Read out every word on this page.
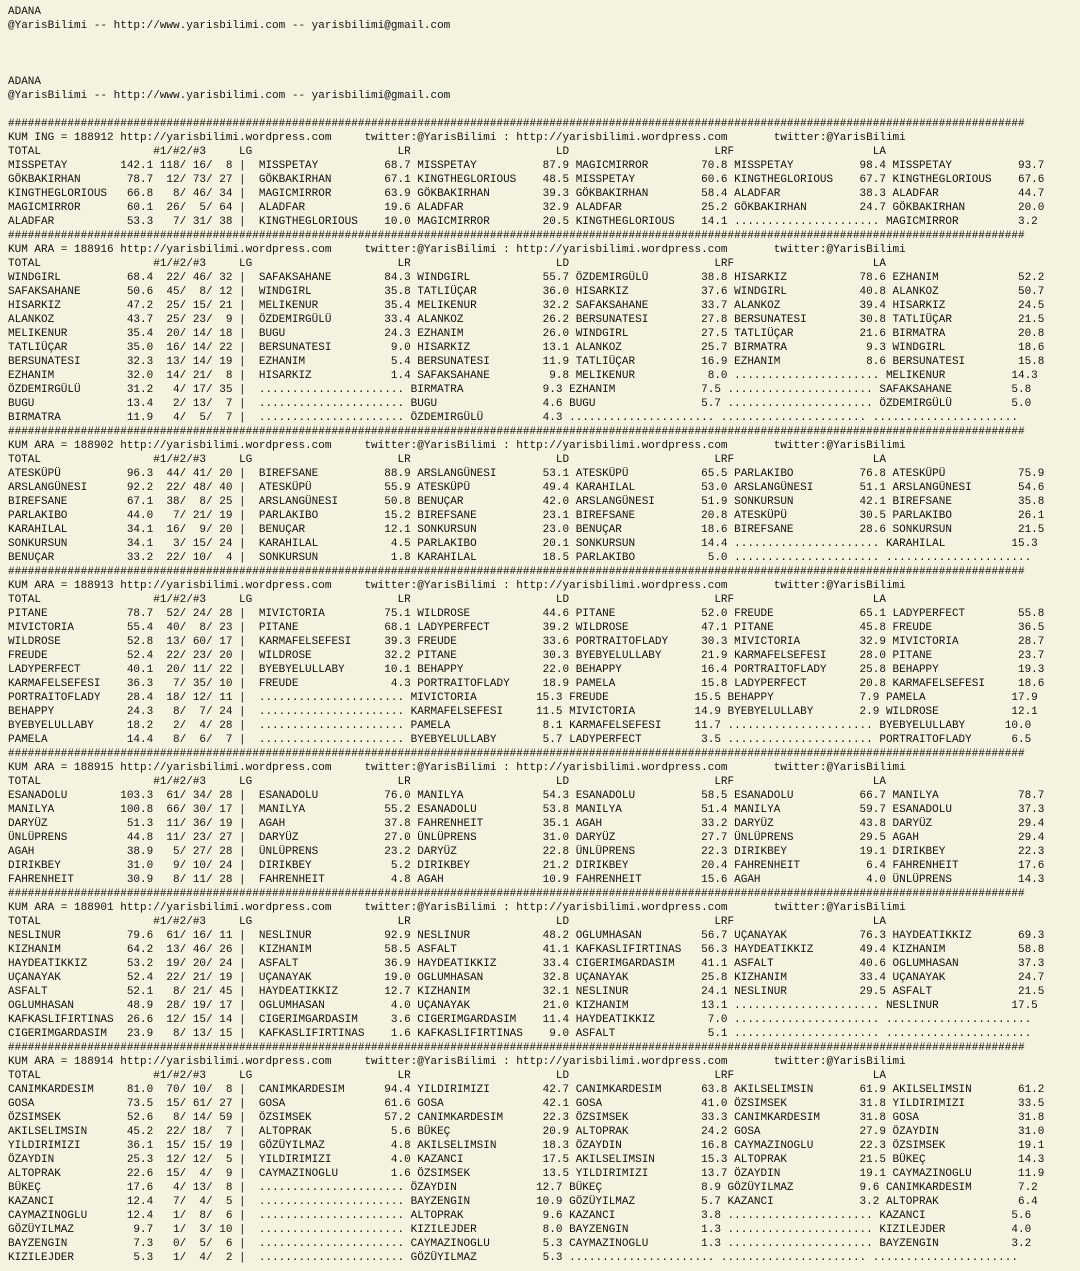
ADANA
@YarisBilimi -- http://www.yarisbilimi.com -- yarisbilimi@gmail.com
ADANA
@YarisBilimi -- http://www.yarisbilimi.com -- yarisbilimi@gmail.com
##########################################################################################################################################################
KUM ING = 188912 http://yarisbilimi.wordpress.com     twitter:@YarisBilimi : http://yarisbilimi.wordpress.com       twitter:@YarisBilimi
TOTAL                 #1/#2/#3     LG                      LR                      LD                      LRF                     LA
MISSPETAY        142.1 118/ 16/  8 |  MISSPETAY          68.7 MISSPETAY          87.9 MAGICMIRROR        70.8 MISSPETAY          98.4 MISSPETAY          93.7
GÖKBAKIRHAN       78.7  12/ 73/ 27 |  GÖKBAKIRHAN        67.1 KINGTHEGLORIOUS    48.5 MISSPETAY          60.6 KINGTHEGLORIOUS    67.7 KINGTHEGLORIOUS    67.6
KINGTHEGLORIOUS   66.8   8/ 46/ 34 |  MAGICMIRROR        63.9 GÖKBAKIRHAN        39.3 GÖKBAKIRHAN        58.4 ALADFAR            38.3 ALADFAR            44.7
MAGICMIRROR       60.1  26/  5/ 64 |  ALADFAR            19.6 ALADFAR            32.9 ALADFAR            25.2 GÖKBAKIRHAN        24.7 GÖKBAKIRHAN        20.0
ALADFAR           53.3   7/ 31/ 38 |  KINGTHEGLORIOUS    10.0 MAGICMIRROR        20.5 KINGTHEGLORIOUS    14.1 ...................... MAGICMIRROR         3.2
##########################################################################################################################################################
KUM ARA = 188916 http://yarisbilimi.wordpress.com     twitter:@YarisBilimi : http://yarisbilimi.wordpress.com       twitter:@YarisBilimi
TOTAL                 #1/#2/#3     LG                      LR                      LD                      LRF                     LA
WINDGIRL          68.4  22/ 46/ 32 |  SAFAKSAHANE        84.3 WINDGIRL           55.7 ÖZDEMIRGÜLÜ        38.8 HISARKIZ           78.6 EZHANIM            52.2
SAFAKSAHANE       50.6  45/  8/ 12 |  WINDGIRL           35.8 TATLIÜÇAR          36.0 HISARKIZ           37.6 WINDGIRL           40.8 ALANKOZ            50.7
HISARKIZ          47.2  25/ 15/ 21 |  MELIKENUR          35.4 MELIKENUR          32.2 SAFAKSAHANE        33.7 ALANKOZ            39.4 HISARKIZ           24.5
ALANKOZ           43.7  25/ 23/  9 |  ÖZDEMIRGÜLÜ        33.4 ALANKOZ            26.2 BERSUNATESI        27.8 BERSUNATESI        30.8 TATLIÜÇAR          21.5
MELIKENUR         35.4  20/ 14/ 18 |  BUGU               24.3 EZHANIM            26.0 WINDGIRL           27.5 TATLIÜÇAR          21.6 BIRMATRA           20.8
TATLIÜÇAR         35.0  16/ 14/ 22 |  BERSUNATESI         9.0 HISARKIZ           13.1 ALANKOZ            25.7 BIRMATRA            9.3 WINDGIRL           18.6
BERSUNATESI       32.3  13/ 14/ 19 |  EZHANIM             5.4 BERSUNATESI        11.9 TATLIÜÇAR          16.9 EZHANIM             8.6 BERSUNATESI        15.8
EZHANIM           32.0  14/ 21/  8 |  HISARKIZ            1.4 SAFAKSAHANE         9.8 MELIKENUR           8.0 ...................... MELIKENUR          14.3
ÖZDEMIRGÜLÜ       31.2   4/ 17/ 35 |  ...................... BIRMATRA            9.3 EZHANIM             7.5 ...................... SAFAKSAHANE         5.8
BUGU              13.4   2/ 13/  7 |  ...................... BUGU                4.6 BUGU                5.7 ...................... ÖZDEMIRGÜLÜ         5.0
BIRMATRA          11.9   4/  5/  7 |  ...................... ÖZDEMIRGÜLÜ         4.3 ...................... ...................... ......................
##########################################################################################################################################################
KUM ARA = 188902 http://yarisbilimi.wordpress.com     twitter:@YarisBilimi : http://yarisbilimi.wordpress.com       twitter:@YarisBilimi
TOTAL                 #1/#2/#3     LG                      LR                      LD                      LRF                     LA
ATESKÜPÜ          96.3  44/ 41/ 20 |  BIREFSANE          88.9 ARSLANGÜNESI       53.1 ATESKÜPÜ           65.5 PARLAKIBO          76.8 ATESKÜPÜ           75.9
ARSLANGÜNESI      92.2  22/ 48/ 40 |  ATESKÜPÜ           55.9 ATESKÜPÜ           49.4 KARAHILAL          53.0 ARSLANGÜNESI       51.1 ARSLANGÜNESI       54.6
BIREFSANE         67.1  38/  8/ 25 |  ARSLANGÜNESI       50.8 BENUÇAR            42.0 ARSLANGÜNESI       51.9 SONKURSUN          42.1 BIREFSANE          35.8
PARLAKIBO         44.0   7/ 21/ 19 |  PARLAKIBO          15.2 BIREFSANE          23.1 BIREFSANE          20.8 ATESKÜPÜ           30.5 PARLAKIBO          26.1
KARAHILAL         34.1  16/  9/ 20 |  BENUÇAR            12.1 SONKURSUN          23.0 BENUÇAR            18.6 BIREFSANE          28.6 SONKURSUN          21.5
SONKURSUN         34.1   3/ 15/ 24 |  KARAHILAL           4.5 PARLAKIBO          20.1 SONKURSUN          14.4 ...................... KARAHILAL          15.3
BENUÇAR           33.2  22/ 10/  4 |  SONKURSUN           1.8 KARAHILAL          18.5 PARLAKIBO           5.0 ...................... ......................
##########################################################################################################################################################
KUM ARA = 188913 http://yarisbilimi.wordpress.com     twitter:@YarisBilimi : http://yarisbilimi.wordpress.com       twitter:@YarisBilimi
TOTAL                 #1/#2/#3     LG                      LR                      LD                      LRF                     LA
PITANE            78.7  52/ 24/ 28 |  MIVICTORIA         75.1 WILDROSE           44.6 PITANE             52.0 FREUDE             65.1 LADYPERFECT        55.8
MIVICTORIA        55.4  40/  8/ 23 |  PITANE             68.1 LADYPERFECT        39.2 WILDROSE           47.1 PITANE             45.8 FREUDE             36.5
WILDROSE          52.8  13/ 60/ 17 |  KARMAFELSEFESI     39.3 FREUDE             33.6 PORTRAITOFLADY     30.3 MIVICTORIA         32.9 MIVICTORIA         28.7
FREUDE            52.4  22/ 23/ 20 |  WILDROSE           32.2 PITANE             30.3 BYEBYELULLABY      21.9 KARMAFELSEFESI     28.0 PITANE             23.7
LADYPERFECT       40.1  20/ 11/ 22 |  BYEBYELULLABY      10.1 BEHAPPY            22.0 BEHAPPY            16.4 PORTRAITOFLADY     25.8 BEHAPPY            19.3
KARMAFELSEFESI    36.3   7/ 35/ 10 |  FREUDE              4.3 PORTRAITOFLADY     18.9 PAMELA             15.8 LADYPERFECT        20.8 KARMAFELSEFESI     18.6
PORTRAITOFLADY    28.4  18/ 12/ 11 |  ...................... MIVICTORIA         15.3 FREUDE             15.5 BEHAPPY             7.9 PAMELA             17.9
BEHAPPY           24.3   8/  7/ 24 |  ...................... KARMAFELSEFESI     11.5 MIVICTORIA         14.9 BYEBYELULLABY       2.9 WILDROSE           12.1
BYEBYELULLABY     18.2   2/  4/ 28 |  ...................... PAMELA              8.1 KARMAFELSEFESI     11.7 ...................... BYEBYELULLABY      10.0
PAMELA            14.4   8/  6/  7 |  ...................... BYEBYELULLABY       5.7 LADYPERFECT         3.5 ...................... PORTRAITOFLADY      6.5
##########################################################################################################################################################
KUM ARA = 188915 http://yarisbilimi.wordpress.com     twitter:@YarisBilimi : http://yarisbilimi.wordpress.com       twitter:@YarisBilimi
TOTAL                 #1/#2/#3     LG                      LR                      LD                      LRF                     LA
ESANADOLU        103.3  61/ 34/ 28 |  ESANADOLU          76.0 MANILYA            54.3 ESANADOLU          58.5 ESANADOLU          66.7 MANILYA            78.7
MANILYA          100.8  66/ 30/ 17 |  MANILYA            55.2 ESANADOLU          53.8 MANILYA            51.4 MANILYA            59.7 ESANADOLU          37.3
DARYÜZ            51.3  11/ 36/ 19 |  AGAH               37.8 FAHRENHEIT         35.1 AGAH               33.2 DARYÜZ             43.8 DARYÜZ             29.4
ÜNLÜPRENS         44.8  11/ 23/ 27 |  DARYÜZ             27.0 ÜNLÜPRENS          31.0 DARYÜZ             27.7 ÜNLÜPRENS          29.5 AGAH               29.4
AGAH              38.9   5/ 27/ 28 |  ÜNLÜPRENS          23.2 DARYÜZ             22.8 ÜNLÜPRENS          22.3 DIRIKBEY           19.1 DIRIKBEY           22.3
DIRIKBEY          31.0   9/ 10/ 24 |  DIRIKBEY            5.2 DIRIKBEY           21.2 DIRIKBEY           20.4 FAHRENHEIT          6.4 FAHRENHEIT         17.6
FAHRENHEIT        30.9   8/ 11/ 28 |  FAHRENHEIT          4.8 AGAH               10.9 FAHRENHEIT         15.6 AGAH                4.0 ÜNLÜPRENS          14.3
##########################################################################################################################################################
KUM ARA = 188901 http://yarisbilimi.wordpress.com     twitter:@YarisBilimi : http://yarisbilimi.wordpress.com       twitter:@YarisBilimi
TOTAL                 #1/#2/#3     LG                      LR                      LD                      LRF                     LA
NESLINUR          79.6  61/ 16/ 11 |  NESLINUR           92.9 NESLINUR           48.2 OGLUMHASAN         56.7 UÇANAYAK           76.3 HAYDEATIKKIZ       69.3
KIZHANIM          64.2  13/ 46/ 26 |  KIZHANIM           58.5 ASFALT             41.1 KAFKASLIFIRTINAS   56.3 HAYDEATIKKIZ       49.4 KIZHANIM           58.8
HAYDEATIKKIZ      53.2  19/ 20/ 24 |  ASFALT             36.9 HAYDEATIKKIZ       33.4 CIGERIMGARDASIM    41.1 ASFALT             40.6 OGLUMHASAN         37.3
UÇANAYAK          52.4  22/ 21/ 19 |  UÇANAYAK           19.0 OGLUMHASAN         32.8 UÇANAYAK           25.8 KIZHANIM           33.4 UÇANAYAK           24.7
ASFALT            52.1   8/ 21/ 45 |  HAYDEATIKKIZ       12.7 KIZHANIM           32.1 NESLINUR           24.1 NESLINUR           29.5 ASFALT             21.5
OGLUMHASAN        48.9  28/ 19/ 17 |  OGLUMHASAN          4.0 UÇANAYAK           21.0 KIZHANIM           13.1 ...................... NESLINUR           17.5
KAFKASLIFIRTINAS  26.6  12/ 15/ 14 |  CIGERIMGARDASIM     3.6 CIGERIMGARDASIM    11.4 HAYDEATIKKIZ        7.0 ...................... ......................
CIGERIMGARDASIM   23.9   8/ 13/ 15 |  KAFKASLIFIRTINAS    1.6 KAFKASLIFIRTINAS    9.0 ASFALT              5.1 ...................... ......................
##########################################################################################################################################################
KUM ARA = 188914 http://yarisbilimi.wordpress.com     twitter:@YarisBilimi : http://yarisbilimi.wordpress.com       twitter:@YarisBilimi
TOTAL                 #1/#2/#3     LG                      LR                      LD                      LRF                     LA
CANIMKARDESIM     81.0  70/ 10/  8 |  CANIMKARDESIM      94.4 YILDIRIMIZI        42.7 CANIMKARDESIM      63.8 AKILSELIMSIN       61.9 AKILSELIMSIN       61.2
GOSA              73.5  15/ 61/ 27 |  GOSA               61.6 GOSA               42.1 GOSA               41.0 ÖZSIMSEK           31.8 YILDIRIMIZI        33.5
ÖZSIMSEK          52.6   8/ 14/ 59 |  ÖZSIMSEK           57.2 CANIMKARDESIM      22.3 ÖZSIMSEK           33.3 CANIMKARDESIM      31.8 GOSA               31.8
AKILSELIMSIN      45.2  22/ 18/  7 |  ALTOPRAK            5.6 BÜKEÇ              20.9 ALTOPRAK           24.2 GOSA               27.9 ÖZAYDIN            31.0
YILDIRIMIZI       36.1  15/ 15/ 19 |  GÖZÜYILMAZ          4.8 AKILSELIMSIN       18.3 ÖZAYDIN            16.8 CAYMAZINOGLU       22.3 ÖZSIMSEK           19.1
ÖZAYDIN           25.3  12/ 12/  5 |  YILDIRIMIZI         4.0 KAZANCI            17.5 AKILSELIMSIN       15.3 ALTOPRAK           21.5 BÜKEÇ              14.3
ALTOPRAK          22.6  15/  4/  9 |  CAYMAZINOGLU        1.6 ÖZSIMSEK           13.5 YILDIRIMIZI        13.7 ÖZAYDIN            19.1 CAYMAZINOGLU       11.9
BÜKEÇ             17.6   4/ 13/  8 |  ...................... ÖZAYDIN            12.7 BÜKEÇ               8.9 GÖZÜYILMAZ          9.6 CANIMKARDESIM       7.2
KAZANCI           12.4   7/  4/  5 |  ...................... BAYZENGIN          10.9 GÖZÜYILMAZ          5.7 KAZANCI             3.2 ALTOPRAK            6.4
CAYMAZINOGLU      12.4   1/  8/  6 |  ...................... ALTOPRAK            9.6 KAZANCI             3.8 ...................... KAZANCI             5.6
GÖZÜYILMAZ         9.7   1/  3/ 10 |  ...................... KIZILEJDER          8.0 BAYZENGIN           1.3 ...................... KIZILEJDER          4.0
BAYZENGIN          7.3   0/  5/  6 |  ...................... CAYMAZINOGLU        5.3 CAYMAZINOGLU        1.3 ...................... BAYZENGIN           3.2
KIZILEJDER         5.3   1/  4/  2 |  ...................... GÖZÜYILMAZ          5.3 ...................... ...................... ......................
